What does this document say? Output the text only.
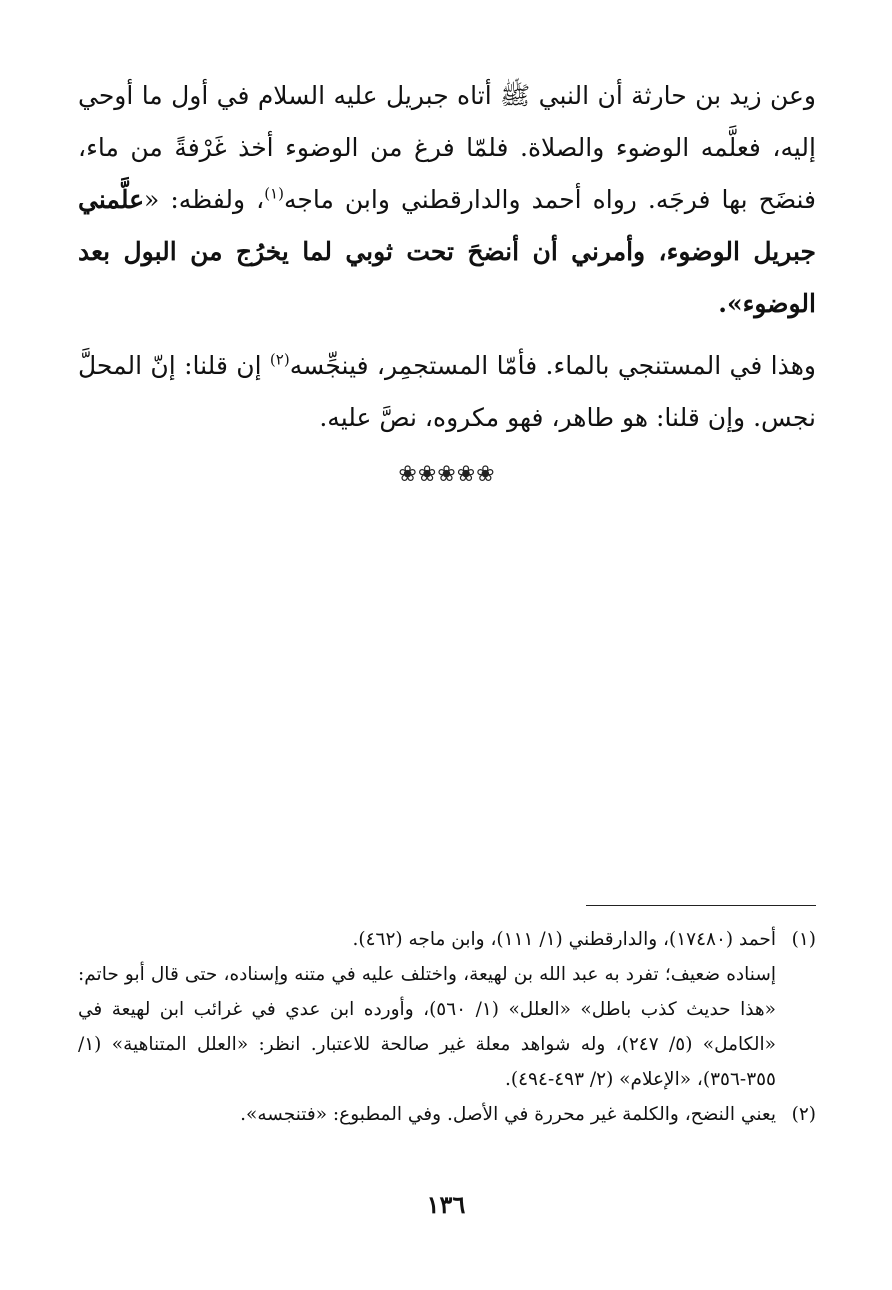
وعن زيد بن حارثة أن النبي ﷺ أتاه جبريل عليه السلام في أول ما أوحي إليه، فعلَّمه الوضوء والصلاة. فلمّا فرغ من الوضوء أخذ غَرْفةً من ماء، فنضَح بها فرجَه. رواه أحمد والدارقطني وابن ماجه$^{(١)}$، ولفظه: «علَّمني جبريل الوضوء، وأمرني أن أنضحَ تحت ثوبي لما يخرُج من البول بعد الوضوء».

وهذا في المستنجي بالماء. فأمّا المستجمِر، فينجِّسه$^{(٢)}$ إن قلنا: إنّ المحلَّ نجس. وإن قلنا: هو طاهر، فهو مكروه، نصَّ عليه.

❀❀❀❀❀

(١)
أحمد (١٧٤٨٠)، والدارقطني (١/ ١١١)، وابن ماجه (٤٦٢).

إسناده ضعيف؛ تفرد به عبد الله بن لهيعة، واختلف عليه في متنه وإسناده، حتى قال أبو حاتم: «هذا حديث كذب باطل» «العلل» (١/ ٥٦٠)، وأورده ابن عدي في غرائب ابن لهيعة في «الكامل» (٥/ ٢٤٧)، وله شواهد معلة غير صالحة للاعتبار. انظر: «العلل المتناهية» (١/ ٣٥٥-٣٥٦)، «الإعلام» (٢/ ٤٩٣-٤٩٤).

(٢)
يعني النضح، والكلمة غير محررة في الأصل. وفي المطبوع: «فتنجسه».

١٣٦
